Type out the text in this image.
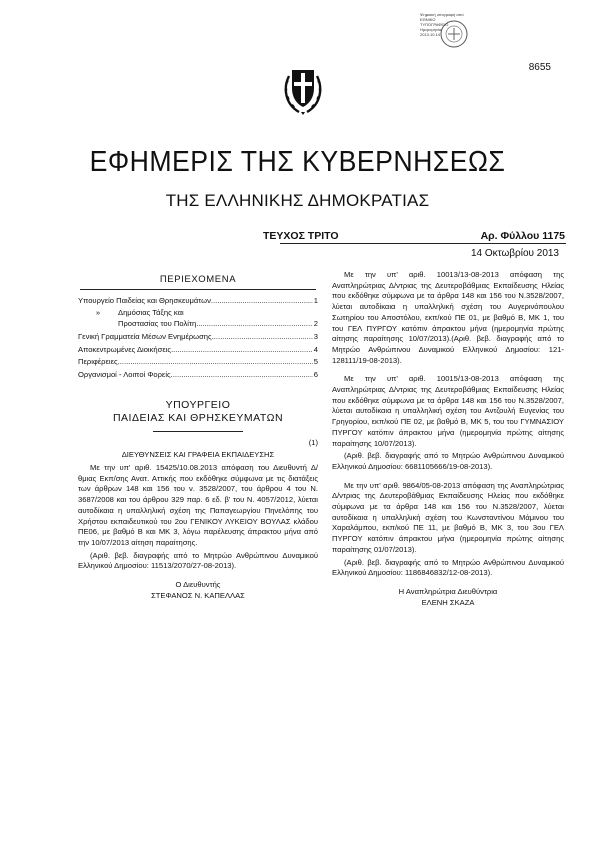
Ψηφιακή υπογραφή από
ΕΘΝΙΚΟ
ΤΥΠΟΓΡΑΦΕΙΟ
Ημερομηνία:
2013.10.14
8655
ΕΦΗΜΕΡΙΣ ΤΗΣ ΚΥΒΕΡΝΗΣΕΩΣ
ΤΗΣ ΕΛΛΗΝΙΚΗΣ ΔΗΜΟΚΡΑΤΙΑΣ
ΤΕΥΧΟΣ ΤΡΙΤΟ	Αρ. Φύλλου 1175
14 Οκτωβρίου 2013
ΠΕΡΙΕΧΟΜΕΝΑ
Υπουργείο Παιδείας και Θρησκευμάτων .....	1
»	Δημόσιας Τάξης και
Προστασίας του Πολίτη .....	2
Γενική Γραμματεία Μέσων Ενημέρωσης .....	3
Αποκεντρωμένες Διοικήσεις .....	4
Περιφέρειες .....	5
Οργανισμοί - Λοιποί Φορείς .....	6
ΥΠΟΥΡΓΕΙΟ
ΠΑΙΔΕΙΑΣ ΚΑΙ ΘΡΗΣΚΕΥΜΑΤΩΝ
(1)
ΔΙΕΥΘΥΝΣΕΙΣ ΚΑΙ ΓΡΑΦΕΙΑ ΕΚΠΑΙΔΕΥΣΗΣ
Με την υπ' αριθ. 15425/10.08.2013 απόφαση του Διευθυντή Δ/θμιας Εκπ/σης Ανατ. Αττικής που εκδόθηκε σύμφωνα με τις διατάξεις των άρθρων 148 και 156 του ν. 3528/2007, του άρθρου 4 του Ν. 3687/2008 και του άρθρου 329 παρ. 6 εδ. β' του Ν. 4057/2012, λύεται αυτοδίκαια η υπαλληλική σχέση της Παπαγεωργίου Πηνελόπης του Χρήστου εκπαιδευτικού του 2ου ΓΕΝΙΚΟΥ ΛΥΚΕΙΟΥ ΒΟΥΛΑΣ κλάδου ΠΕ06, με βαθμό Β και ΜΚ 3, λόγω παρέλευσης άπρακτου μήνα από την 10/07/2013 αίτηση παραίτησης.
(Αριθ. βεβ. διαγραφής από το Μητρώο Ανθρώπινου Δυναμικού Ελληνικού Δημοσίου: 11513/2070/27-08-2013).
Ο Διευθυντής
ΣΤΕΦΑΝΟΣ Ν. ΚΑΠΕΛΛΑΣ
Με την υπ' αριθ. 10013/13-08-2013 απόφαση της Αναπληρώτριας Δ/ντριας της Δευτεροβάθμιας Εκπαίδευσης Ηλείας που εκδόθηκε σύμφωνα με τα άρθρα 148 και 156 του Ν.3528/2007, λύεται αυτοδίκαια η υπαλληλική σχέση του Αυγερινόπουλου Σωτηρίου του Αποστόλου, εκπ/κού ΠΕ 01, με βαθμό Β, ΜΚ 1, του του ΓΕΛ ΠΥΡΓΟΥ κατόπιν άπρακτου μήνα (ημερομηνία πρώτης αίτησης παραίτησης 10/07/2013).(Αριθ. βεβ. διαγραφής από το Μητρώο Ανθρώπινου Δυναμικού Ελληνικού Δημοσίου: 121-128111/19-08-2013).
Με την υπ' αριθ. 10015/13-08-2013 απόφαση της Αναπληρώτριας Δ/ντριας της Δευτεροβάθμιας Εκπαίδευσης Ηλείας που εκδόθηκε σύμφωνα με τα άρθρα 148 και 156 του Ν.3528/2007, λύεται αυτοδίκαια η υπαλληλική σχέση του Αντζουλή Ευγενίας του Γρηγορίου, εκπ/κού ΠΕ 02, με βαθμό Β, ΜΚ 5, του του ΓΥΜΝΑΣΙΟΥ ΠΥΡΓΟΥ κατόπιν άπρακτου μήνα (ημερομηνία πρώτης αίτησης παραίτησης 10/07/2013).
(Αριθ. βεβ. διαγραφής από το Μητρώο Ανθρώπινου Δυναμικού Ελληνικού Δημοσίου: 6681105666/19-08-2013).
Με την υπ' αριθ. 9864/05-08-2013 απόφαση της Αναπληρώτριας Δ/ντριας της Δευτεροβάθμιας Εκπαίδευσης Ηλείας που εκδόθηκε σύμφωνα με τα άρθρα 148 και 156 του Ν.3528/2007, λύεται αυτοδίκαια η υπαλληλική σχέση του Κωνσταντίνου Μάμινου του Χαραλάμπου, εκπ/κού ΠΕ 11, με βαθμό Β, ΜΚ 3, του 3ου ΓΕΛ ΠΥΡΓΟΥ κατόπιν άπρακτου μήνα (ημερομηνία πρώτης αίτησης παραίτησης 01/07/2013).
(Αριθ. βεβ. διαγραφής από το Μητρώο Ανθρώπινου Δυναμικού Ελληνικού Δημοσίου: 1186846832/12-08-2013).
Η Αναπληρώτρια Διευθύντρια
ΕΛΕΝΗ ΣΚΑΖΑ
